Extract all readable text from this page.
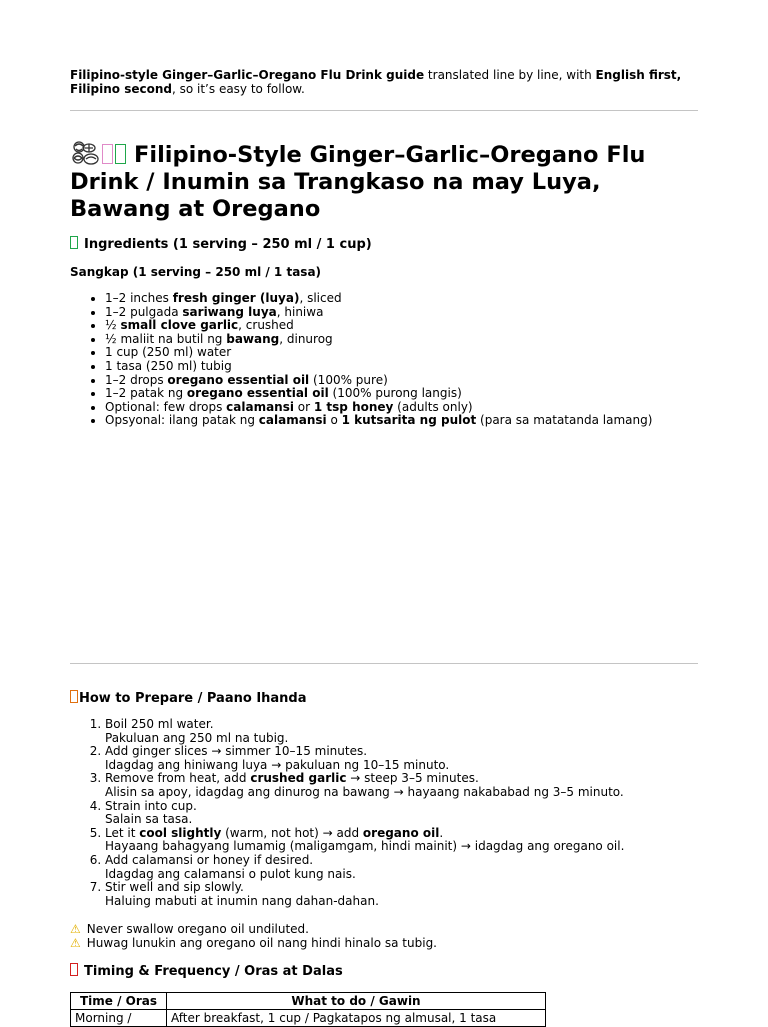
Filipino-style Ginger–Garlic–Oregano Flu Drink guide translated line by line, with English first, Filipino second, so it’s easy to follow.
Filipino-Style Ginger–Garlic–Oregano Flu Drink / Inumin sa Trangkaso na may Luya, Bawang at Oregano
Ingredients (1 serving – 250 ml / 1 cup)
Sangkap (1 serving – 250 ml / 1 tasa)
• 1–2 inches fresh ginger (luya), sliced
• 1–2 pulgada sariwang luya, hiniwa
• ½ small clove garlic, crushed
• ½ maliit na butil ng bawang, dinurog
• 1 cup (250 ml) water
• 1 tasa (250 ml) tubig
• 1–2 drops oregano essential oil (100% pure)
• 1–2 patak ng oregano essential oil (100% purong langis)
• Optional: few drops calamansi or 1 tsp honey (adults only)
• Opsyonal: ilang patak ng calamansi o 1 kutsarita ng pulot (para sa matatanda lamang)
How to Prepare / Paano Ihanda
1. Boil 250 ml water.
Pakuluan ang 250 ml na tubig.
2. Add ginger slices → simmer 10–15 minutes.
Idagdag ang hiniwang luya → pakuluan ng 10–15 minuto.
3. Remove from heat, add crushed garlic → steep 3–5 minutes.
Alisin sa apoy, idagdag ang dinurog na bawang → hayaang nakababad ng 3–5 minuto.
4. Strain into cup.
Salain sa tasa.
5. Let it cool slightly (warm, not hot) → add oregano oil.
Hayaang bahagyang lumamig (maligamgam, hindi mainit) → idagdag ang oregano oil.
6. Add calamansi or honey if desired.
Idagdag ang calamansi o pulot kung nais.
7. Stir well and sip slowly.
Haluing mabuti at inumin nang dahan-dahan.
⚠ Never swallow oregano oil undiluted.
⚠ Huwag lunukin ang oregano oil nang hindi hinalo sa tubig.
Timing & Frequency / Oras at Dalas
Time / Oras	What to do / Gawin
Morning /	After breakfast, 1 cup / Pagkatapos ng almusal, 1 tasa
